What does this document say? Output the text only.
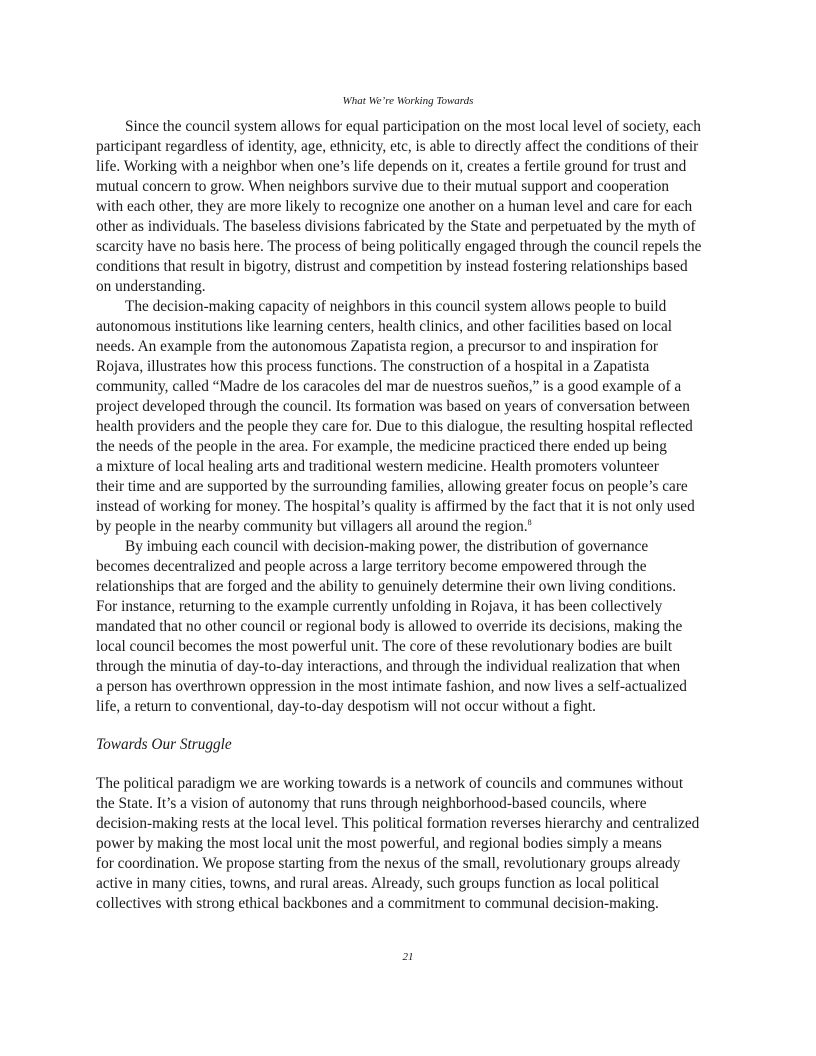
What We’re Working Towards

Since the council system allows for equal participation on the most local level of society, each
participant regardless of identity, age, ethnicity, etc, is able to directly affect the conditions of their
life. Working with a neighbor when one’s life depends on it, creates a fertile ground for trust and
mutual concern to grow. When neighbors survive due to their mutual support and cooperation
with each other, they are more likely to recognize one another on a human level and care for each
other as individuals. The baseless divisions fabricated by the State and perpetuated by the myth of
scarcity have no basis here. The process of being politically engaged through the council repels the
conditions that result in bigotry, distrust and competition by instead fostering relationships based
on understanding.

The decision-making capacity of neighbors in this council system allows people to build
autonomous institutions like learning centers, health clinics, and other facilities based on local
needs. An example from the autonomous Zapatista region, a precursor to and inspiration for
Rojava, illustrates how this process functions. The construction of a hospital in a Zapatista
community, called “Madre de los caracoles del mar de nuestros sueños,” is a good example of a
project developed through the council. Its formation was based on years of conversation between
health providers and the people they care for. Due to this dialogue, the resulting hospital reflected
the needs of the people in the area. For example, the medicine practiced there ended up being
a mixture of local healing arts and traditional western medicine. Health promoters volunteer
their time and are supported by the surrounding families, allowing greater focus on people’s care
instead of working for money. The hospital’s quality is affirmed by the fact that it is not only used
by people in the nearby community but villagers all around the region.$^8$

By imbuing each council with decision-making power, the distribution of governance
becomes decentralized and people across a large territory become empowered through the
relationships that are forged and the ability to genuinely determine their own living conditions.
For instance, returning to the example currently unfolding in Rojava, it has been collectively
mandated that no other council or regional body is allowed to override its decisions, making the
local council becomes the most powerful unit. The core of these revolutionary bodies are built
through the minutia of day-to-day interactions, and through the individual realization that when
a person has overthrown oppression in the most intimate fashion, and now lives a self-actualized
life, a return to conventional, day-to-day despotism will not occur without a fight.

Towards Our Struggle

The political paradigm we are working towards is a network of councils and communes without
the State. It’s a vision of autonomy that runs through neighborhood-based councils, where
decision-making rests at the local level. This political formation reverses hierarchy and centralized
power by making the most local unit the most powerful, and regional bodies simply a means
for coordination. We propose starting from the nexus of the small, revolutionary groups already
active in many cities, towns, and rural areas. Already, such groups function as local political
collectives with strong ethical backbones and a commitment to communal decision-making.

21
